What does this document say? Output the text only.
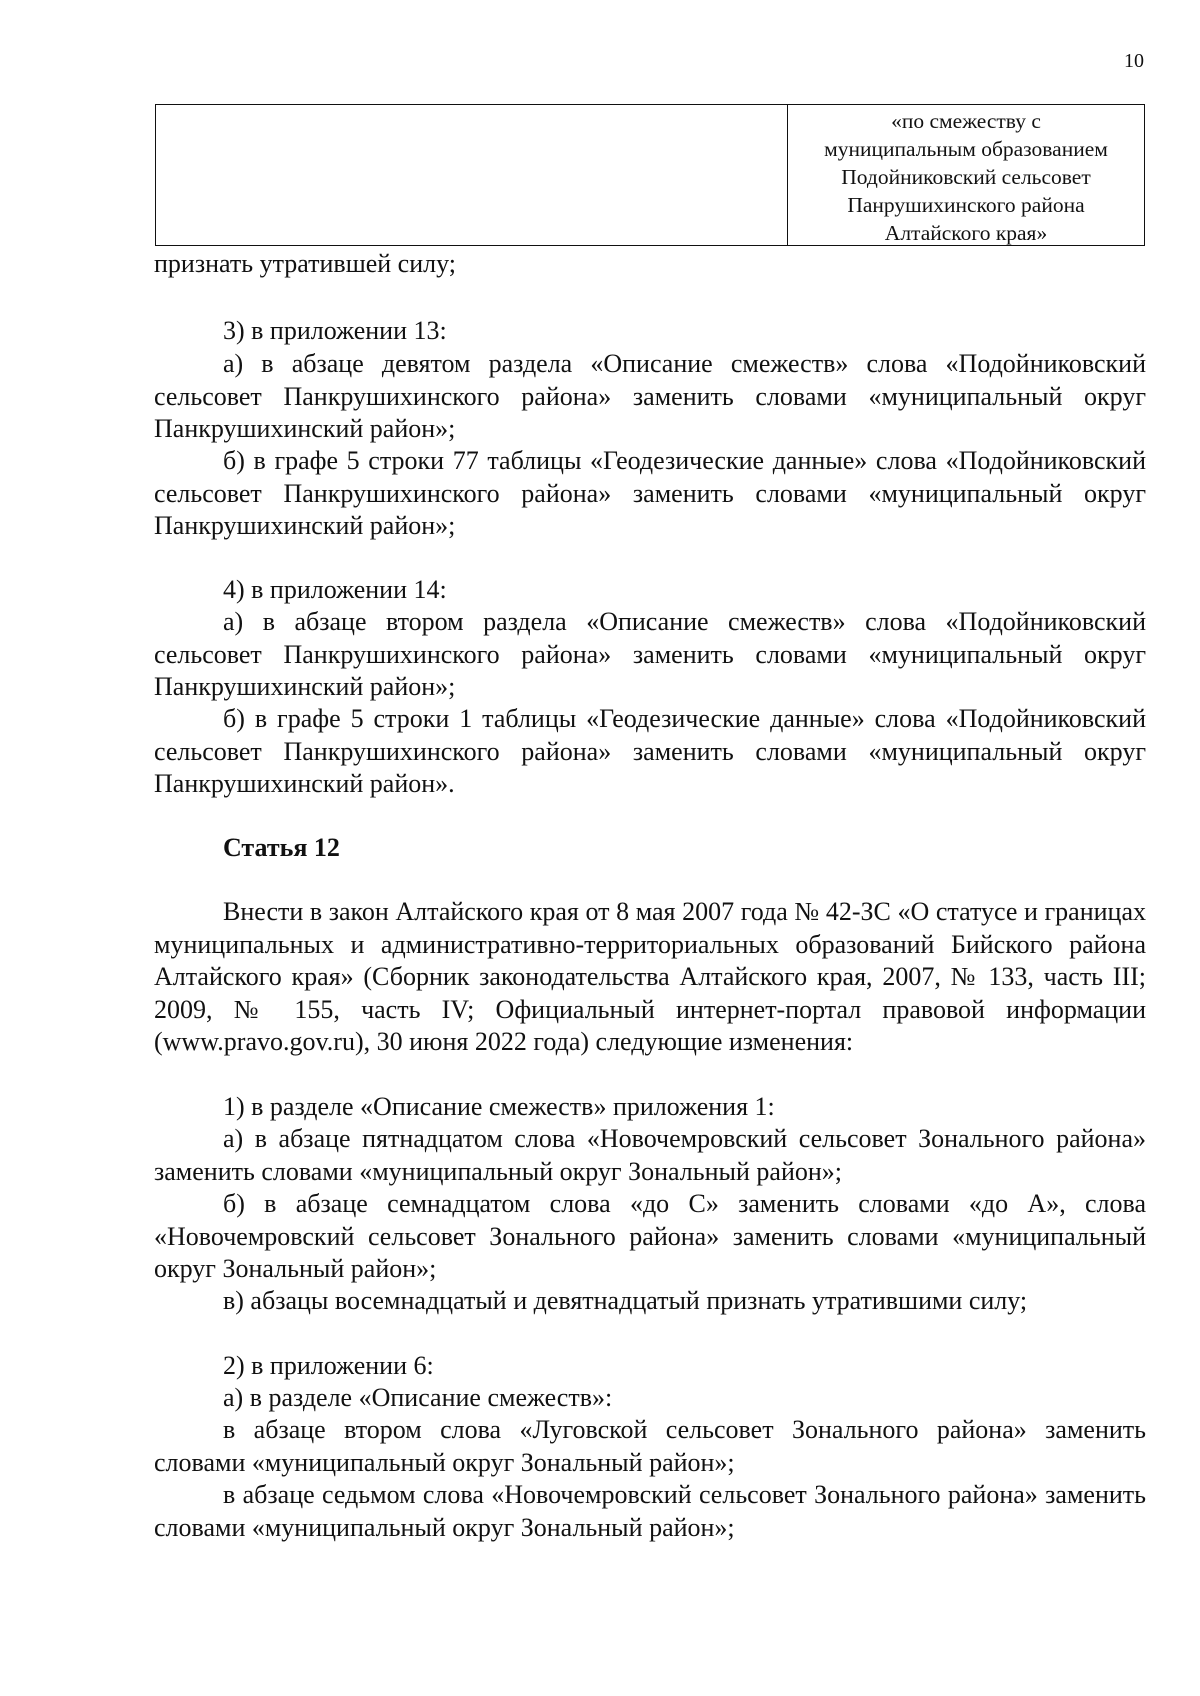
10
«по смежеству с
муниципальным образованием
Подойниковский сельсовет
Панрушихинского района
Алтайского края»

признать утратившей силу;

3) в приложении 13:

а) в абзаце девятом раздела «Описание смежеств» слова «Подойниковский сельсовет Панкрушихинского района» заменить словами «муниципальный округ Панкрушихинский район»;

б) в графе 5 строки 77 таблицы «Геодезические данные» слова «Подойниковский сельсовет Панкрушихинского района» заменить словами «муниципальный округ Панкрушихинский район»;

4) в приложении 14:

а) в абзаце втором раздела «Описание смежеств» слова «Подойниковский сельсовет Панкрушихинского района» заменить словами «муниципальный округ Панкрушихинский район»;

б) в графе 5 строки 1 таблицы «Геодезические данные» слова «Подойниковский сельсовет Панкрушихинского района» заменить словами «муниципальный округ Панкрушихинский район».

Статья 12

Внести в закон Алтайского края от 8 мая 2007 года № 42-ЗС «О статусе и границах муниципальных и административно-территориальных образований Бийского района Алтайского края» (Сборник законодательства Алтайского края, 2007, № 133, часть III; 2009, № 155, часть IV; Официальный интернет-портал правовой информации (www.pravo.gov.ru), 30 июня 2022 года) следующие изменения:

1) в разделе «Описание смежеств» приложения 1:

а) в абзаце пятнадцатом слова «Новочемровский сельсовет Зонального района» заменить словами «муниципальный округ Зональный район»;

б) в абзаце семнадцатом слова «до С» заменить словами «до А», слова «Новочемровский сельсовет Зонального района» заменить словами «муниципальный округ Зональный район»;

в) абзацы восемнадцатый и девятнадцатый признать утратившими силу;

2) в приложении 6:

а) в разделе «Описание смежеств»:

в абзаце втором слова «Луговской сельсовет Зонального района» заменить словами «муниципальный округ Зональный район»;

в абзаце седьмом слова «Новочемровский сельсовет Зонального района» заменить словами «муниципальный округ Зональный район»;
